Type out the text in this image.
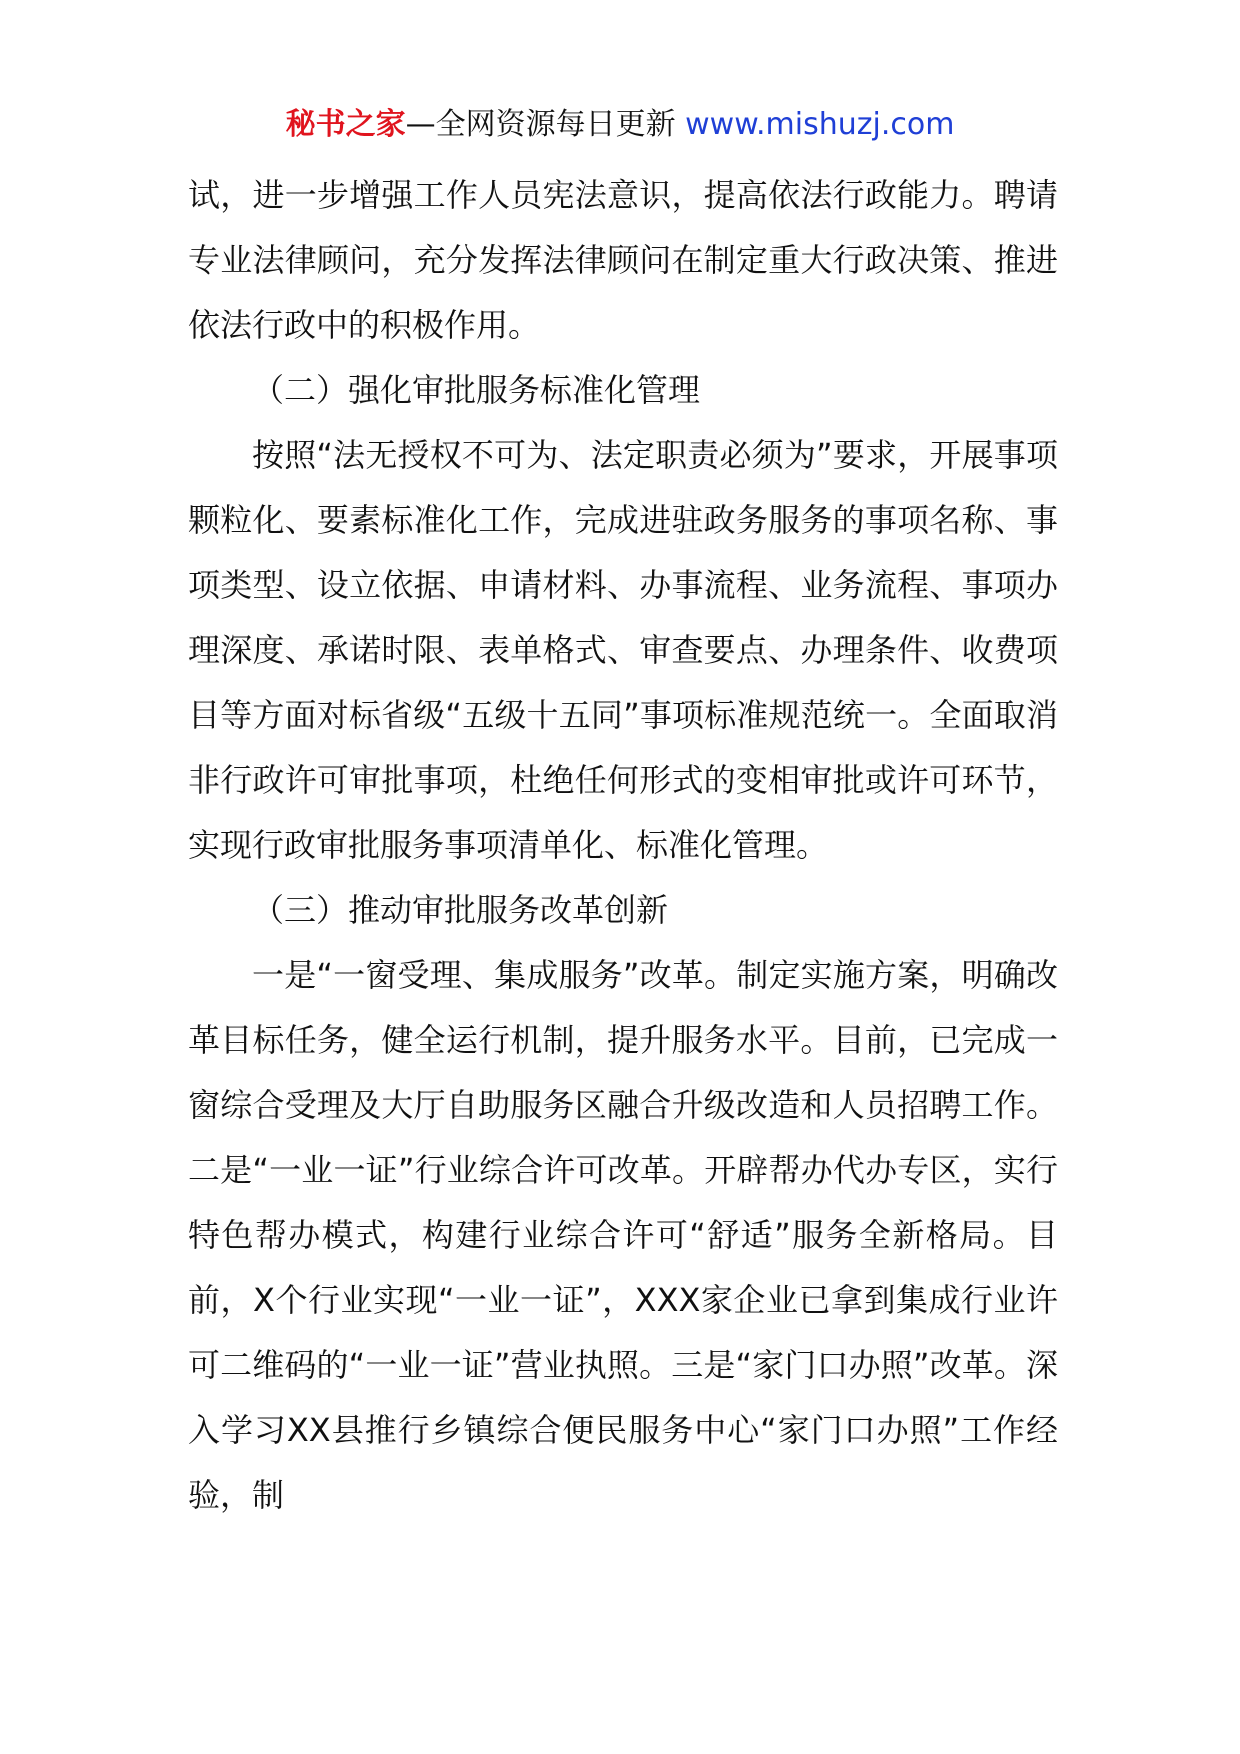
秘书之家—全网资源每日更新 www.mishuzj.com

试，进一步增强工作人员宪法意识，提高依法行政能力。聘请专业法律顾问，充分发挥法律顾问在制定重大行政决策、推进依法行政中的积极作用。

（二）强化审批服务标准化管理

按照“法无授权不可为、法定职责必须为”要求，开展事项颗粒化、要素标准化工作，完成进驻政务服务的事项名称、事项类型、设立依据、申请材料、办事流程、业务流程、事项办理深度、承诺时限、表单格式、审查要点、办理条件、收费项目等方面对标省级“五级十五同”事项标准规范统一。全面取消非行政许可审批事项，杜绝任何形式的变相审批或许可环节，实现行政审批服务事项清单化、标准化管理。

（三）推动审批服务改革创新

一是“一窗受理、集成服务”改革。制定实施方案，明确改革目标任务，健全运行机制，提升服务水平。目前，已完成一窗综合受理及大厅自助服务区融合升级改造和人员招聘工作。二是“一业一证”行业综合许可改革。开辟帮办代办专区，实行特色帮办模式，构建行业综合许可“舒适”服务全新格局。目前，X个行业实现“一业一证”，XXX家企业已拿到集成行业许可二维码的“一业一证”营业执照。三是“家门口办照”改革。深入学习XX县推行乡镇综合便民服务中心“家门口办照”工作经验，制
